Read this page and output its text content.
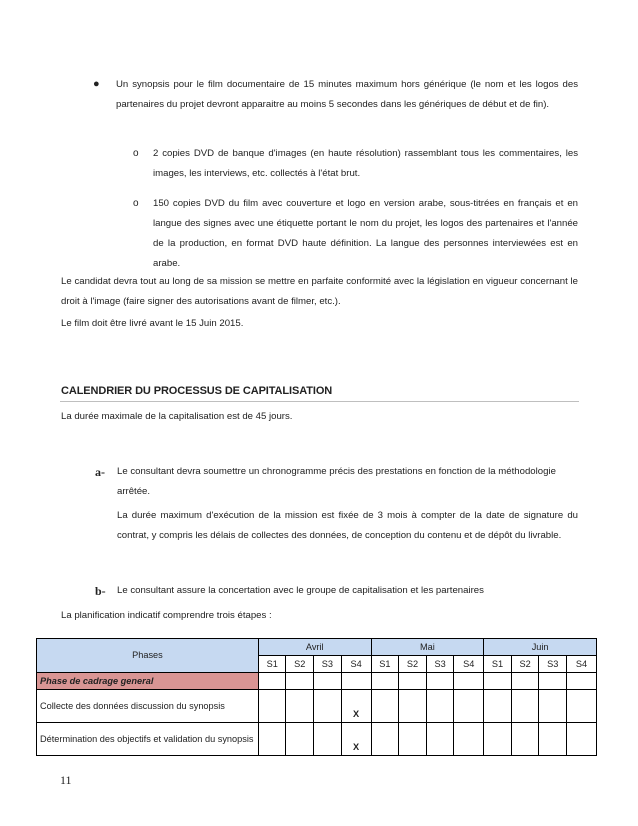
● Un synopsis pour le film documentaire de 15 minutes maximum hors générique (le nom et les logos des partenaires du projet devront apparaitre au moins 5 secondes dans les génériques de début et de fin).
o 2 copies DVD de banque d'images (en haute résolution) rassemblant tous les commentaires, les images, les interviews, etc. collectés à l'état brut.
o 150 copies DVD du film avec couverture et logo en version arabe, sous-titrées en français et en langue des signes avec une étiquette portant le nom du projet, les logos des partenaires et l'année de la production, en format DVD haute définition. La langue des personnes interviewées est en arabe.
Le candidat devra tout au long de sa mission se mettre en parfaite conformité avec la législation en vigueur concernant le droit à l'image (faire signer des autorisations avant de filmer, etc.).
Le film doit être livré avant le 15 Juin 2015.
CALENDRIER DU PROCESSUS DE CAPITALISATION
La durée maximale de la capitalisation est de 45 jours.
a- Le consultant devra soumettre un chronogramme précis des prestations en fonction de la méthodologie arrêtée.
La durée maximum d'exécution de la mission est fixée de 3 mois à compter de la date de signature du contrat, y compris les délais de collectes des données, de conception du contenu et de dépôt du livrable.
b- Le consultant assure la concertation avec le groupe de capitalisation et les partenaires
La planification indicatif comprendre trois étapes :
Phases	Avril				Mai				Juin			
	S1	S2	S3	S4	S1	S2	S3	S4	S1	S2	S3	S4
Phase de cadrage general												
Collecte des données discussion du synopsis				X								
Détermination des objectifs et validation du synopsis				X								
11
